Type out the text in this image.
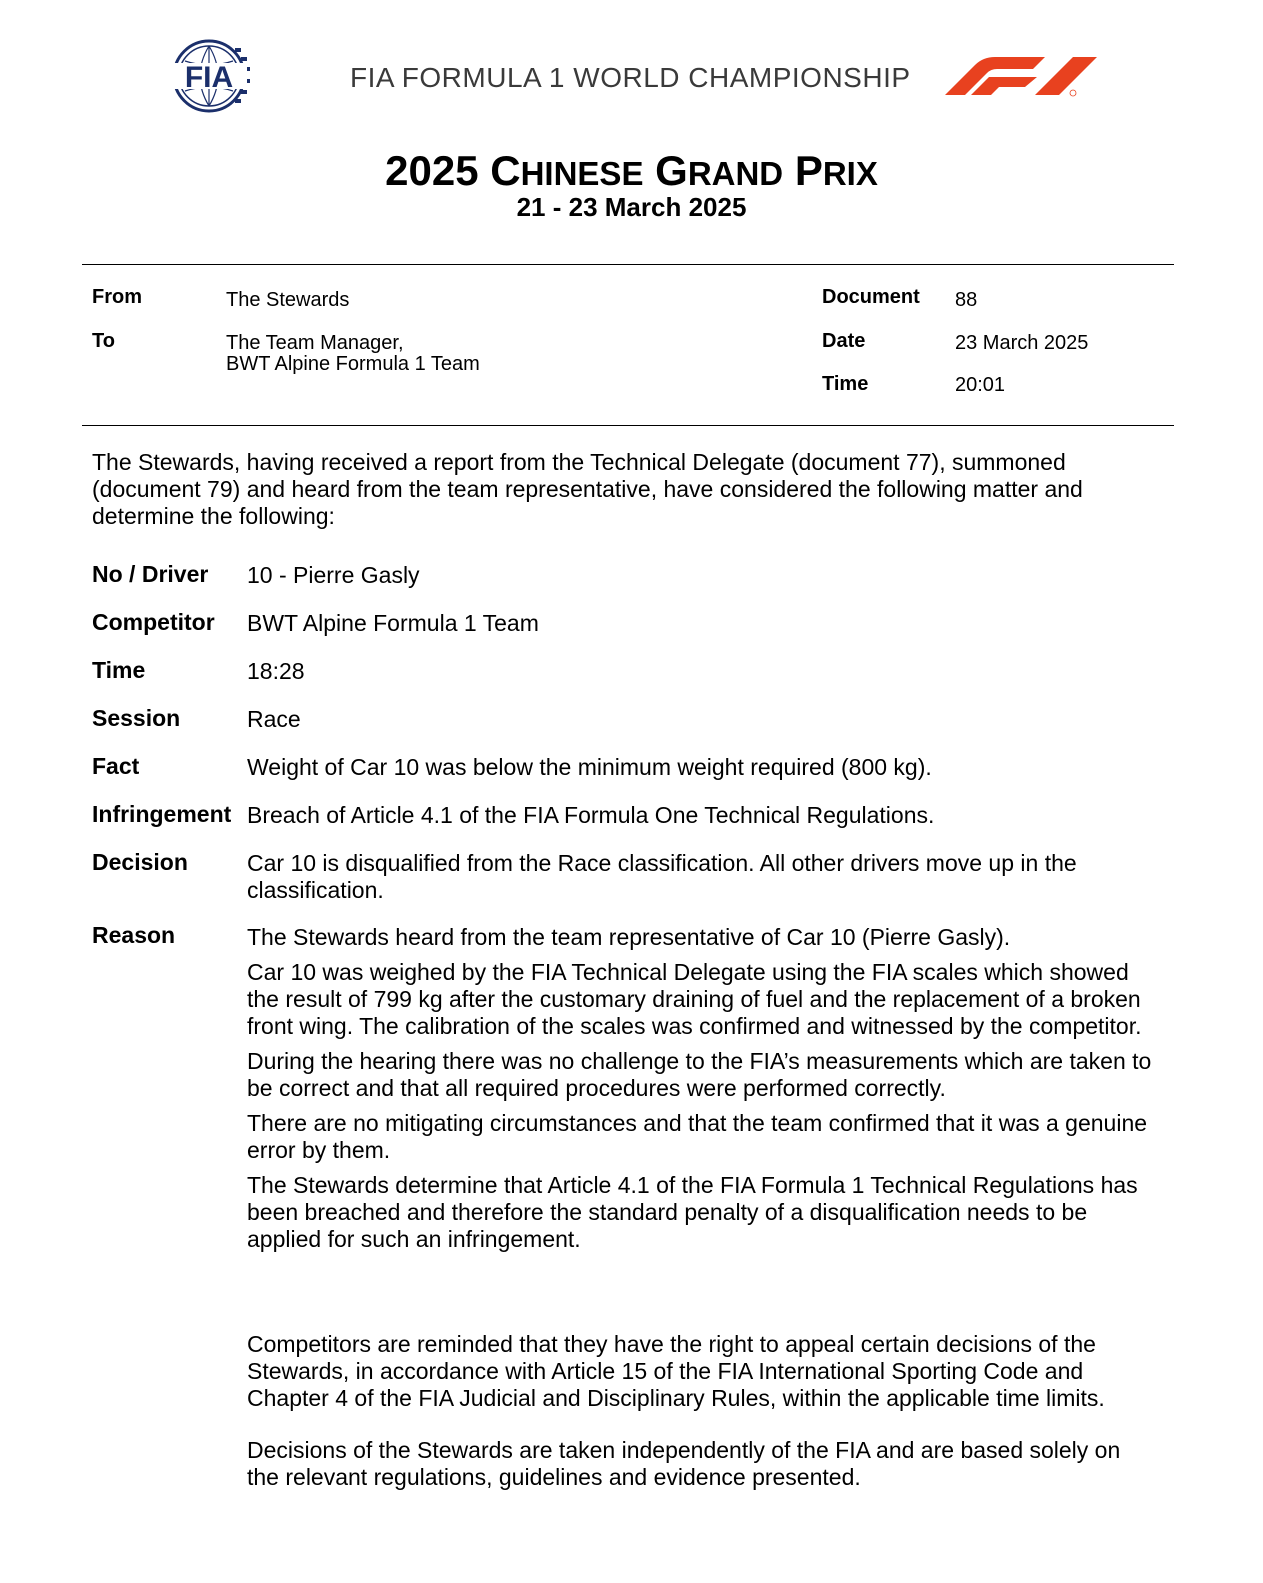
FIA	FIA FORMULA 1 WORLD CHAMPIONSHIP
2025 CHINESE GRAND PRIX
21 - 23 March 2025
From	The Stewards
To	The Team Manager,
BWT Alpine Formula 1 Team
Document 88
Date	23 March 2025
Time	20:01
The Stewards, having received a report from the Technical Delegate (document 77), summoned (document 79) and heard from the team representative, have considered the following matter and determine the following:
No / Driver 10 - Pierre Gasly
Competitor BWT Alpine Formula 1 Team
Time	18:28
Session	Race
Fact	Weight of Car 10 was below the minimum weight required (800 kg).
Infringement Breach of Article 4.1 of the FIA Formula One Technical Regulations.
Decision	Car 10 is disqualified from the Race classification. All other drivers move up in the classification.
Reason	The Stewards heard from the team representative of Car 10 (Pierre Gasly).

Car 10 was weighed by the FIA Technical Delegate using the FIA scales which showed the result of 799 kg after the customary draining of fuel and the replacement of a broken front wing. The calibration of the scales was confirmed and witnessed by the competitor.

During the hearing there was no challenge to the FIA’s measurements which are taken to be correct and that all required procedures were performed correctly.

There are no mitigating circumstances and that the team confirmed that it was a genuine error by them.

The Stewards determine that Article 4.1 of the FIA Formula 1 Technical Regulations has been breached and therefore the standard penalty of a disqualification needs to be applied for such an infringement.

Competitors are reminded that they have the right to appeal certain decisions of the Stewards, in accordance with Article 15 of the FIA International Sporting Code and Chapter 4 of the FIA Judicial and Disciplinary Rules, within the applicable time limits.
Decisions of the Stewards are taken independently of the FIA and are based solely on the relevant regulations, guidelines and evidence presented.
